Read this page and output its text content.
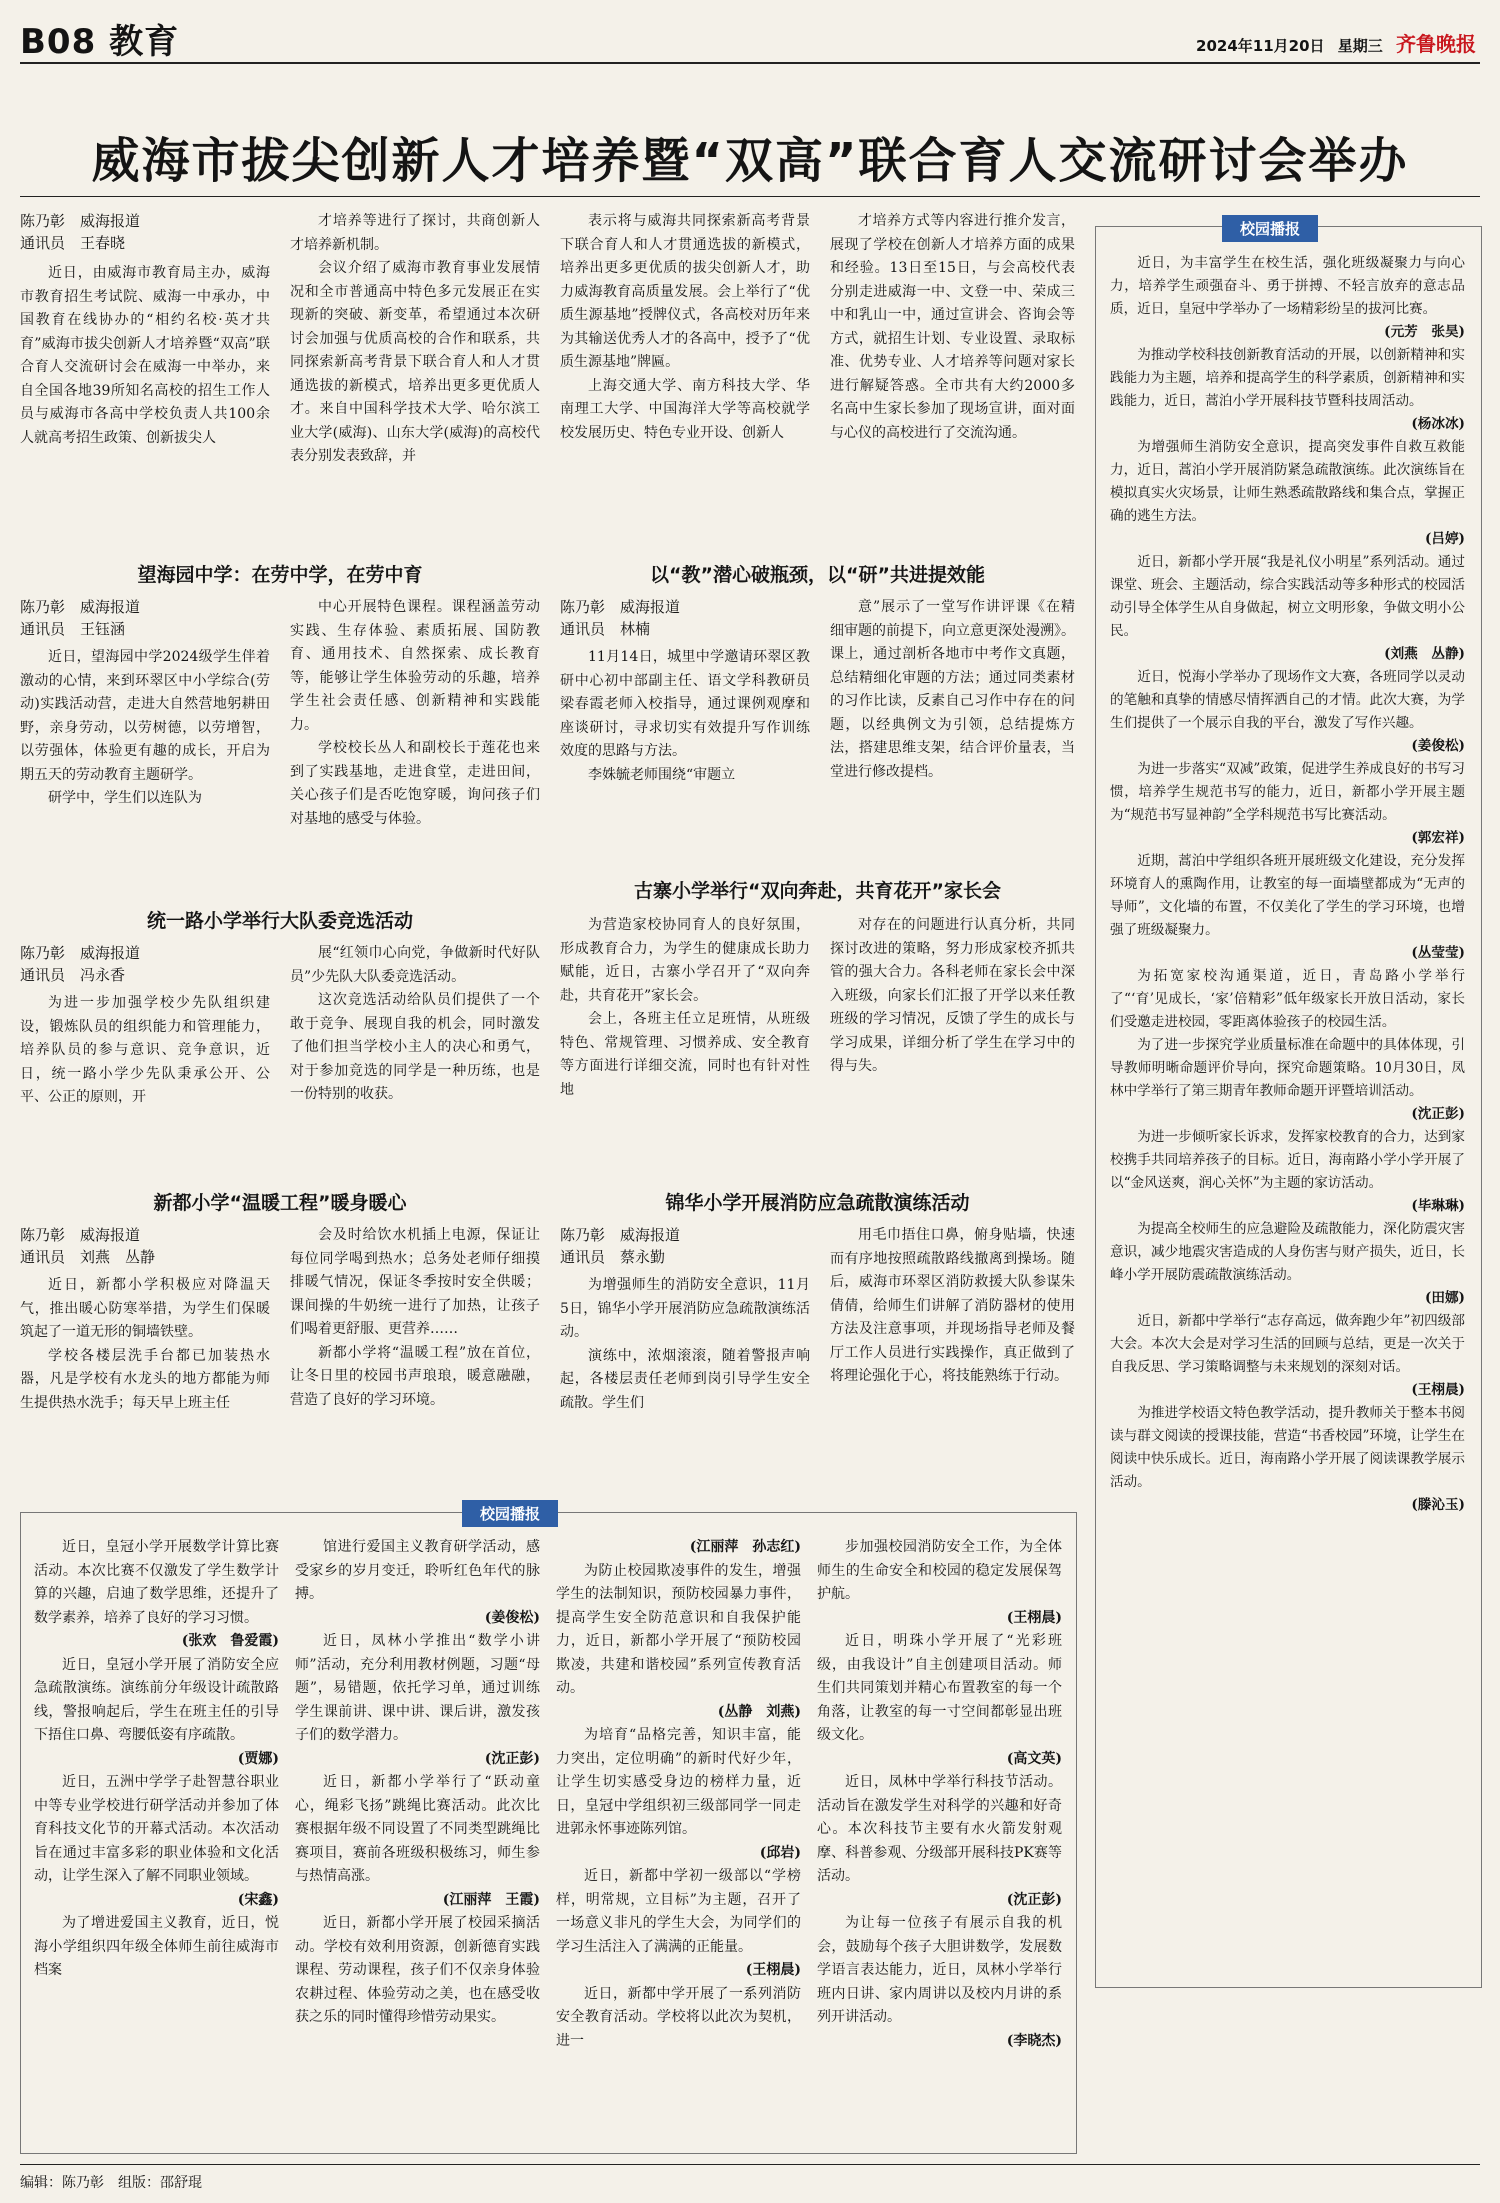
B08 教育	2024年11月20日 星期三 齐鲁晚报
威海市拔尖创新人才培养暨“双高”联合育人交流研讨会举办
陈乃彰　威海报道
通讯员　王春晓

近日，由威海市教育局主办，威海市教育招生考试院、威海一中承办，中国教育在线协办的“相约名校·英才共育”威海市拔尖创新人才培养暨“双高”联合育人交流研讨会在威海一中举办，来自全国各地39所知名高校的招生工作人员与威海市各高中学校负责人共100余人就高考招生政策、创新拔尖人

才培养等进行了探讨，共商创新人才培养新机制。

会议介绍了威海市教育事业发展情况和全市普通高中特色多元发展正在实现新的突破、新变革，希望通过本次研讨会加强与优质高校的合作和联系，共同探索新高考背景下联合育人和人才贯通选拔的新模式，培养出更多更优质人才。来自中国科学技术大学、哈尔滨工业大学(威海)、山东大学(威海)的高校代表分别发表致辞，并

表示将与威海共同探索新高考背景下联合育人和人才贯通选拔的新模式，培养出更多更优质的拔尖创新人才，助力威海教育高质量发展。会上举行了“优质生源基地”授牌仪式，各高校对历年来为其输送优秀人才的各高中，授予了“优质生源基地”牌匾。

上海交通大学、南方科技大学、华南理工大学、中国海洋大学等高校就学校发展历史、特色专业开设、创新人

才培养方式等内容进行推介发言，展现了学校在创新人才培养方面的成果和经验。13日至15日，与会高校代表分别走进威海一中、文登一中、荣成三中和乳山一中，通过宣讲会、咨询会等方式，就招生计划、专业设置、录取标准、优势专业、人才培养等问题对家长进行解疑答惑。全市共有大约2000多名高中生家长参加了现场宣讲，面对面与心仪的高校进行了交流沟通。

望海园中学：在劳中学，在劳中育
陈乃彰　威海报道
通讯员　王钰涵

近日，望海园中学2024级学生伴着激动的心情，来到环翠区中小学综合(劳动)实践活动营，走进大自然营地躬耕田野，亲身劳动，以劳树德，以劳增智，以劳强体，体验更有趣的成长，开启为期五天的劳动教育主题研学。

研学中，学生们以连队为

中心开展特色课程。课程涵盖劳动实践、生存体验、素质拓展、国防教育、通用技术、自然探索、成长教育等，能够让学生体验劳动的乐趣，培养学生社会责任感、创新精神和实践能力。

学校校长丛人和副校长于莲花也来到了实践基地，走进食堂，走进田间，关心孩子们是否吃饱穿暖，询问孩子们对基地的感受与体验。

以“教”潜心破瓶颈，以“研”共进提效能
陈乃彰　威海报道
通讯员　林楠

11月14日，城里中学邀请环翠区教研中心初中部副主任、语文学科教研员梁春霞老师入校指导，通过课例观摩和座谈研讨，寻求切实有效提升写作训练效度的思路与方法。

李姝毓老师围绕“审题立

意”展示了一堂写作讲评课《在精细审题的前提下，向立意更深处漫溯》。课上，通过剖析各地市中考作文真题，总结精细化审题的方法；通过同类素材的习作比读，反素自己习作中存在的问题，以经典例文为引领，总结提炼方法，搭建思维支架，结合评价量表，当堂进行修改提档。

统一路小学举行大队委竞选活动
陈乃彰　威海报道
通讯员　冯永香

为进一步加强学校少先队组织建设，锻炼队员的组织能力和管理能力，培养队员的参与意识、竞争意识，近日，统一路小学少先队秉承公开、公平、公正的原则，开

展“红领巾心向党，争做新时代好队员”少先队大队委竞选活动。

这次竞选活动给队员们提供了一个敢于竞争、展现自我的机会，同时激发了他们担当学校小主人的决心和勇气，对于参加竞选的同学是一种历练，也是一份特别的收获。

古寨小学举行“双向奔赴，共育花开”家长会

为营造家校协同育人的良好氛围，形成教育合力，为学生的健康成长助力赋能，近日，古寨小学召开了“双向奔赴，共育花开”家长会。

会上，各班主任立足班情，从班级特色、常规管理、习惯养成、安全教育等方面进行详细交流，同时也有针对性地

对存在的问题进行认真分析，共同探讨改进的策略，努力形成家校齐抓共管的强大合力。各科老师在家长会中深入班级，向家长们汇报了开学以来任教班级的学习情况，反馈了学生的成长与学习成果，详细分析了学生在学习中的得与失。

新都小学“温暖工程”暖身暖心
陈乃彰　威海报道
通讯员　刘燕　丛静

近日，新都小学积极应对降温天气，推出暖心防寒举措，为学生们保暖筑起了一道无形的铜墙铁壁。

学校各楼层洗手台都已加装热水器，凡是学校有水龙头的地方都能为师生提供热水洗手；每天早上班主任

会及时给饮水机插上电源，保证让每位同学喝到热水；总务处老师仔细摸排暖气情况，保证冬季按时安全供暖；课间操的牛奶统一进行了加热，让孩子们喝着更舒服、更营养……

新都小学将“温暖工程”放在首位，让冬日里的校园书声琅琅，暖意融融，营造了良好的学习环境。

锦华小学开展消防应急疏散演练活动
陈乃彰　威海报道
通讯员　蔡永勤

为增强师生的消防安全意识，11月5日，锦华小学开展消防应急疏散演练活动。

演练中，浓烟滚滚，随着警报声响起，各楼层责任老师到岗引导学生安全疏散。学生们

用毛巾捂住口鼻，俯身贴墙，快速而有序地按照疏散路线撤离到操场。随后，威海市环翠区消防救援大队参谋朱倩倩，给师生们讲解了消防器材的使用方法及注意事项，并现场指导老师及餐厅工作人员进行实践操作，真正做到了将理论强化于心，将技能熟练于行动。

校园播报

近日，为丰富学生在校生活，强化班级凝聚力与向心力，培养学生顽强奋斗、勇于拼搏、不轻言放弃的意志品质，近日，皇冠中学举办了一场精彩纷呈的拔河比赛。

(元芳　张昊)

为推动学校科技创新教育活动的开展，以创新精神和实践能力为主题，培养和提高学生的科学素质，创新精神和实践能力，近日，蒿泊小学开展科技节暨科技周活动。

(杨冰冰)

为增强师生消防安全意识，提高突发事件自救互救能力，近日，蒿泊小学开展消防紧急疏散演练。此次演练旨在模拟真实火灾场景，让师生熟悉疏散路线和集合点，掌握正确的逃生方法。

(吕婷)

近日，新都小学开展“我是礼仪小明星”系列活动。通过课堂、班会、主题活动，综合实践活动等多种形式的校园活动引导全体学生从自身做起，树立文明形象，争做文明小公民。

(刘燕　丛静)

近日，悦海小学举办了现场作文大赛，各班同学以灵动的笔触和真挚的情感尽情挥洒自己的才情。此次大赛，为学生们提供了一个展示自我的平台，激发了写作兴趣。

(姜俊松)

为进一步落实“双减”政策，促进学生养成良好的书写习惯，培养学生规范书写的能力，近日，新都小学开展主题为“规范书写显神韵”全学科规范书写比赛活动。

(郭宏祥)

近期，蒿泊中学组织各班开展班级文化建设，充分发挥环境育人的熏陶作用，让教室的每一面墙壁都成为“无声的导师”，文化墙的布置，不仅美化了学生的学习环境，也增强了班级凝聚力。

(丛莹莹)

为拓宽家校沟通渠道，近日，青岛路小学举行了“‘育’见成长，‘家’倍精彩”低年级家长开放日活动，家长们受邀走进校园，零距离体验孩子的校园生活。

为了进一步探究学业质量标准在命题中的具体体现，引导教师明晰命题评价导向，探究命题策略。10月30日，凤林中学举行了第三期青年教师命题开评暨培训活动。

(沈正彭)

为进一步倾听家长诉求，发挥家校教育的合力，达到家校携手共同培养孩子的目标。近日，海南路小学小学开展了以“金风送爽，润心关怀”为主题的家访活动。

(毕琳琳)

为提高全校师生的应急避险及疏散能力，深化防震灾害意识，减少地震灾害造成的人身伤害与财产损失，近日，长峰小学开展防震疏散演练活动。

(田娜)

近日，新都中学举行“志存高远，做奔跑少年”初四级部大会。本次大会是对学习生活的回顾与总结，更是一次关于自我反思、学习策略调整与未来规划的深刻对话。

(王栩晨)

为推进学校语文特色教学活动，提升教师关于整本书阅读与群文阅读的授课技能，营造“书香校园”环境，让学生在阅读中快乐成长。近日，海南路小学开展了阅读课教学展示活动。

(滕沁玉)

校园播报

近日，皇冠小学开展数学计算比赛活动。本次比赛不仅激发了学生数学计算的兴趣，启迪了数学思维，还提升了数学素养，培养了良好的学习习惯。

(张欢　鲁爱霞)

近日，皇冠小学开展了消防安全应急疏散演练。演练前分年级设计疏散路线，警报响起后，学生在班主任的引导下捂住口鼻、弯腰低姿有序疏散。

(贾娜)

近日，五洲中学学子赴智慧谷职业中等专业学校进行研学活动并参加了体育科技文化节的开幕式活动。本次活动旨在通过丰富多彩的职业体验和文化活动，让学生深入了解不同职业领域。

(宋鑫)

为了增进爱国主义教育，近日，悦海小学组织四年级全体师生前往威海市档案

馆进行爱国主义教育研学活动，感受家乡的岁月变迁，聆听红色年代的脉搏。

(姜俊松)

近日，凤林小学推出“数学小讲师”活动，充分利用教材例题，习题“母题”，易错题，依托学习单，通过训练学生课前讲、课中讲、课后讲，激发孩子们的数学潜力。

(沈正彭)

近日，新都小学举行了“跃动童心，绳彩飞扬”跳绳比赛活动。此次比赛根据年级不同设置了不同类型跳绳比赛项目，赛前各班级积极练习，师生参与热情高涨。

(江丽萍　王霞)

近日，新都小学开展了校园采摘活动。学校有效利用资源，创新德育实践课程、劳动课程，孩子们不仅亲身体验农耕过程、体验劳动之美，也在感受收获之乐的同时懂得珍惜劳动果实。

(江丽萍　孙志红)

为防止校园欺凌事件的发生，增强学生的法制知识，预防校园暴力事件，提高学生安全防范意识和自我保护能力，近日，新都小学开展了“预防校园欺凌，共建和谐校园”系列宣传教育活动。

(丛静　刘燕)

为培育“品格完善，知识丰富，能力突出，定位明确”的新时代好少年，让学生切实感受身边的榜样力量，近日，皇冠中学组织初三级部同学一同走进郭永怀事迹陈列馆。

(邱岩)

近日，新都中学初一级部以“学榜样，明常规，立目标”为主题，召开了一场意义非凡的学生大会，为同学们的学习生活注入了满满的正能量。

(王栩晨)

近日，新都中学开展了一系列消防安全教育活动。学校将以此次为契机，进一

步加强校园消防安全工作，为全体师生的生命安全和校园的稳定发展保驾护航。

(王栩晨)

近日，明珠小学开展了“光彩班级，由我设计”自主创建项目活动。师生们共同策划并精心布置教室的每一个角落，让教室的每一寸空间都彰显出班级文化。

(高文英)

近日，凤林中学举行科技节活动。活动旨在激发学生对科学的兴趣和好奇心。本次科技节主要有水火箭发射观摩、科普参观、分级部开展科技PK赛等活动。

(沈正彭)

为让每一位孩子有展示自我的机会，鼓励每个孩子大胆讲数学，发展数学语言表达能力，近日，凤林小学举行班内日讲、家内周讲以及校内月讲的系列开讲活动。

(李晓杰)

编辑：陈乃彰　组版：邵舒琨
